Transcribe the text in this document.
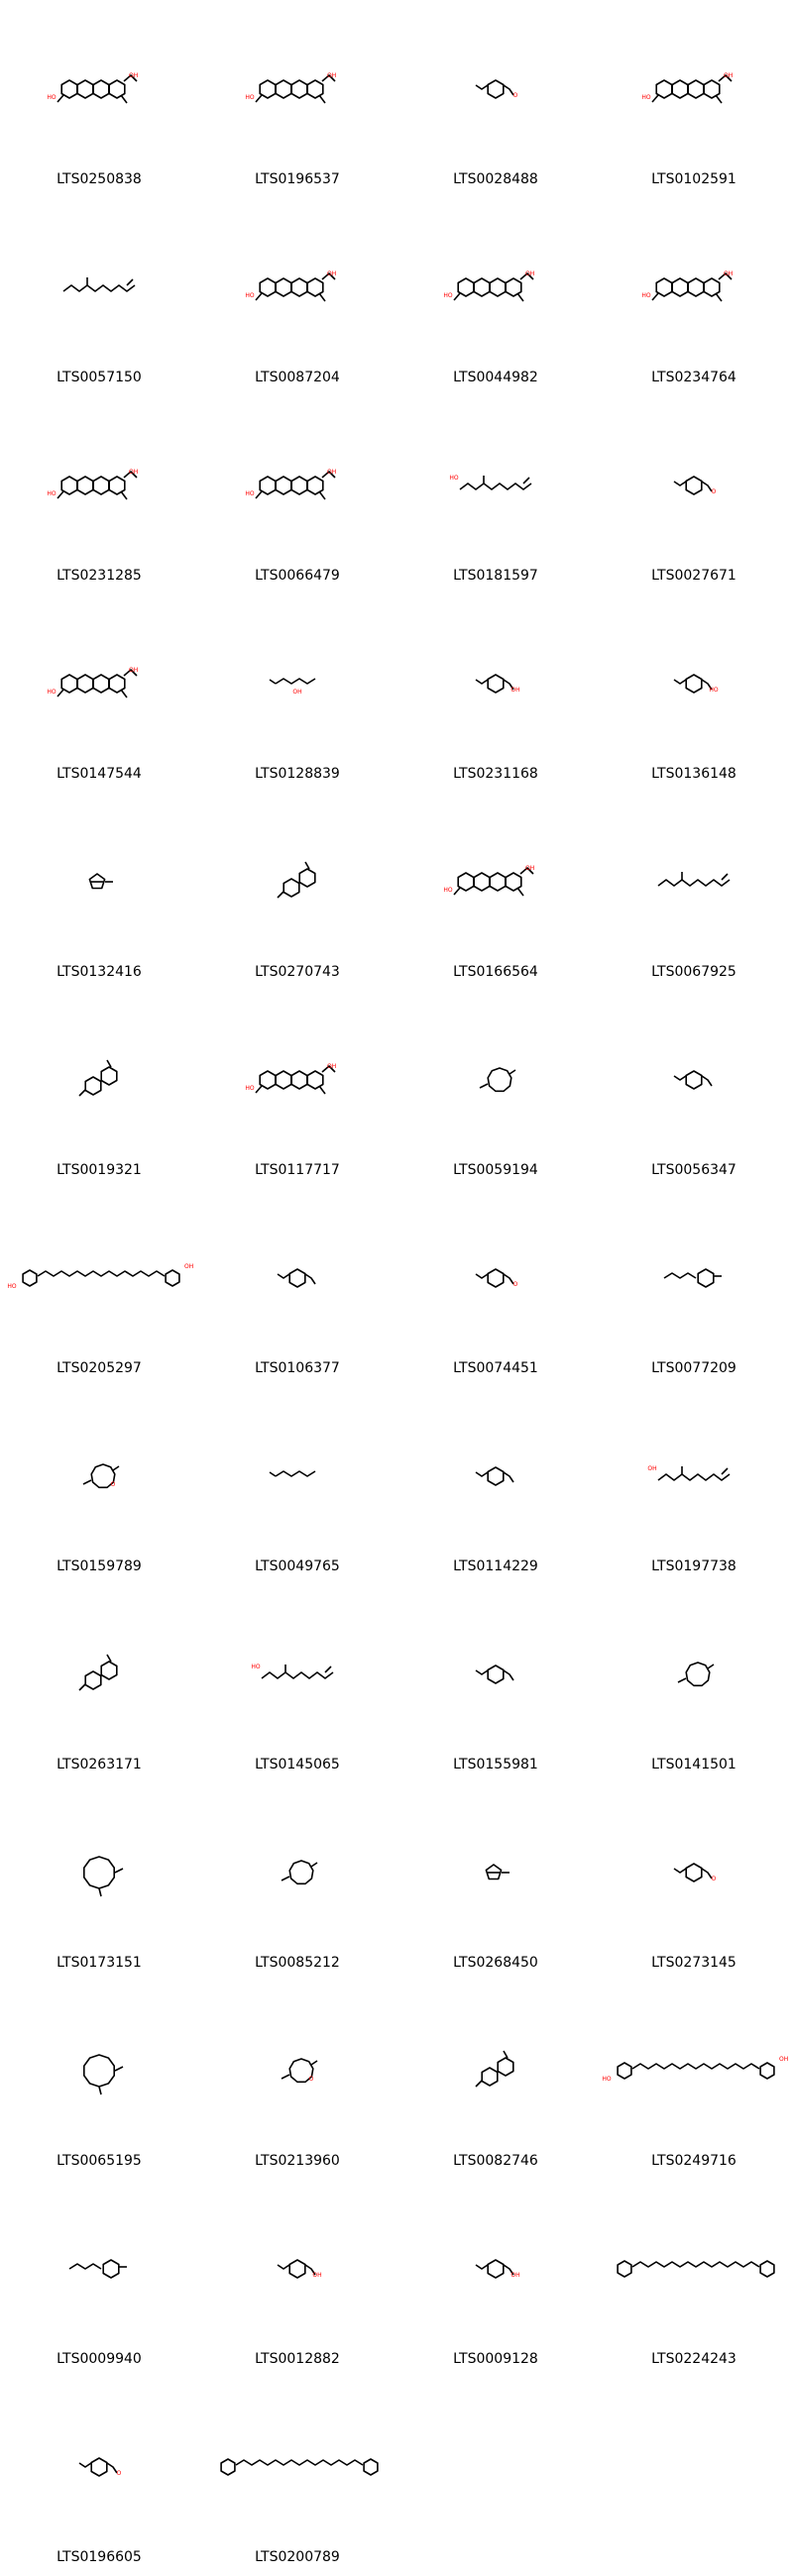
HO
OH
LTS0250838
HO
OH
LTS0196537
O
LTS0028488
HO
OH
LTS0102591
LTS0057150
HO
OH
LTS0087204
HO
OH
LTS0044982
HO
OH
LTS0234764
HO
OH
LTS0231285
HO
OH
LTS0066479
HO
LTS0181597
O
LTS0027671
HO
OH
LTS0147544
OH
LTS0128839
OH
LTS0231168
HO
LTS0136148
LTS0132416	LTS0270743
HO
OH
LTS0166564	LTS0067925
LTS0019321
HO
OH
LTS0117717	LTS0059194	LTS0056347
HO
OH
LTS0205297	LTS0106377
O
LTS0074451	LTS0077209
O
LTS0159789	LTS0049765	LTS0114229
OH
LTS0197738
LTS0263171
HO
LTS0145065	LTS0155981	LTS0141501
LTS0173151	LTS0085212	LTS0268450
O
LTS0273145
LTS0065195
O
LTS0213960	LTS0082746
HO
OH
LTS0249716
LTS0009940
OH
LTS0012882
OH
LTS0009128	LTS0224243
O
LTS0196605	LTS0200789
